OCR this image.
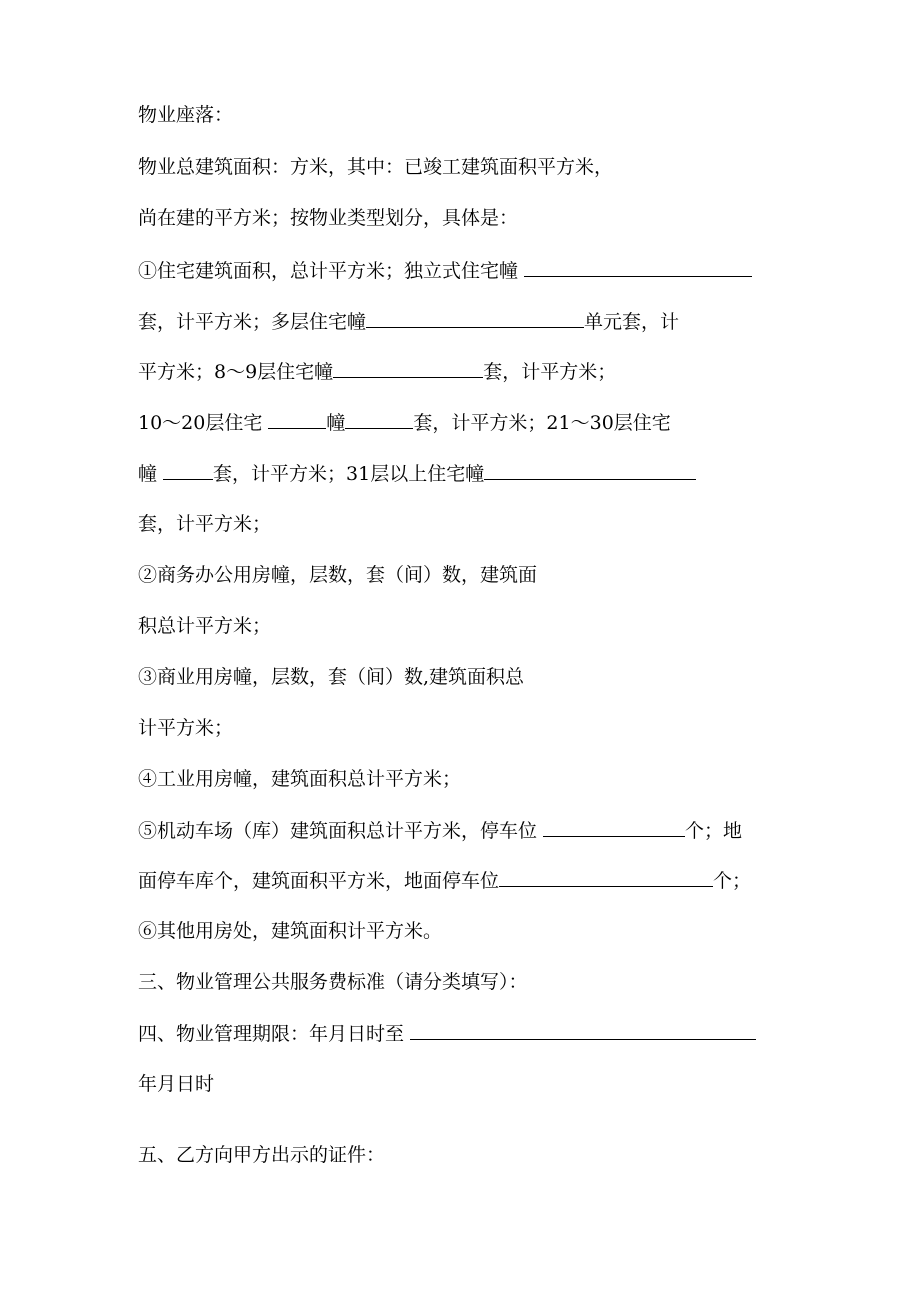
物业座落：

物业总建筑面积：方米，其中：已竣工建筑面积平方米，

尚在建的平方米；按物业类型划分，具体是：

①住宅建筑面积，总计平方米；独立式住宅幢

套，计平方米；多层住宅幢	单元套，计

平方米；8～9层住宅幢	套，计平方米；

10～20层住宅	幢	套，计平方米；21～30层住宅

幢	套，计平方米；31层以上住宅幢

套，计平方米；

②商务办公用房幢，层数，套（间）数，建筑面

积总计平方米；

③商业用房幢，层数，套（间）数,建筑面积总

计平方米；

④工业用房幢，建筑面积总计平方米；

⑤机动车场（库）建筑面积总计平方米，停车位	个；地

面停车库个，建筑面积平方米，地面停车位	个；

⑥其他用房处，建筑面积计平方米。

三、物业管理公共服务费标准（请分类填写）：

四、物业管理期限：年月日时至

年月日时

五、乙方向甲方出示的证件：
